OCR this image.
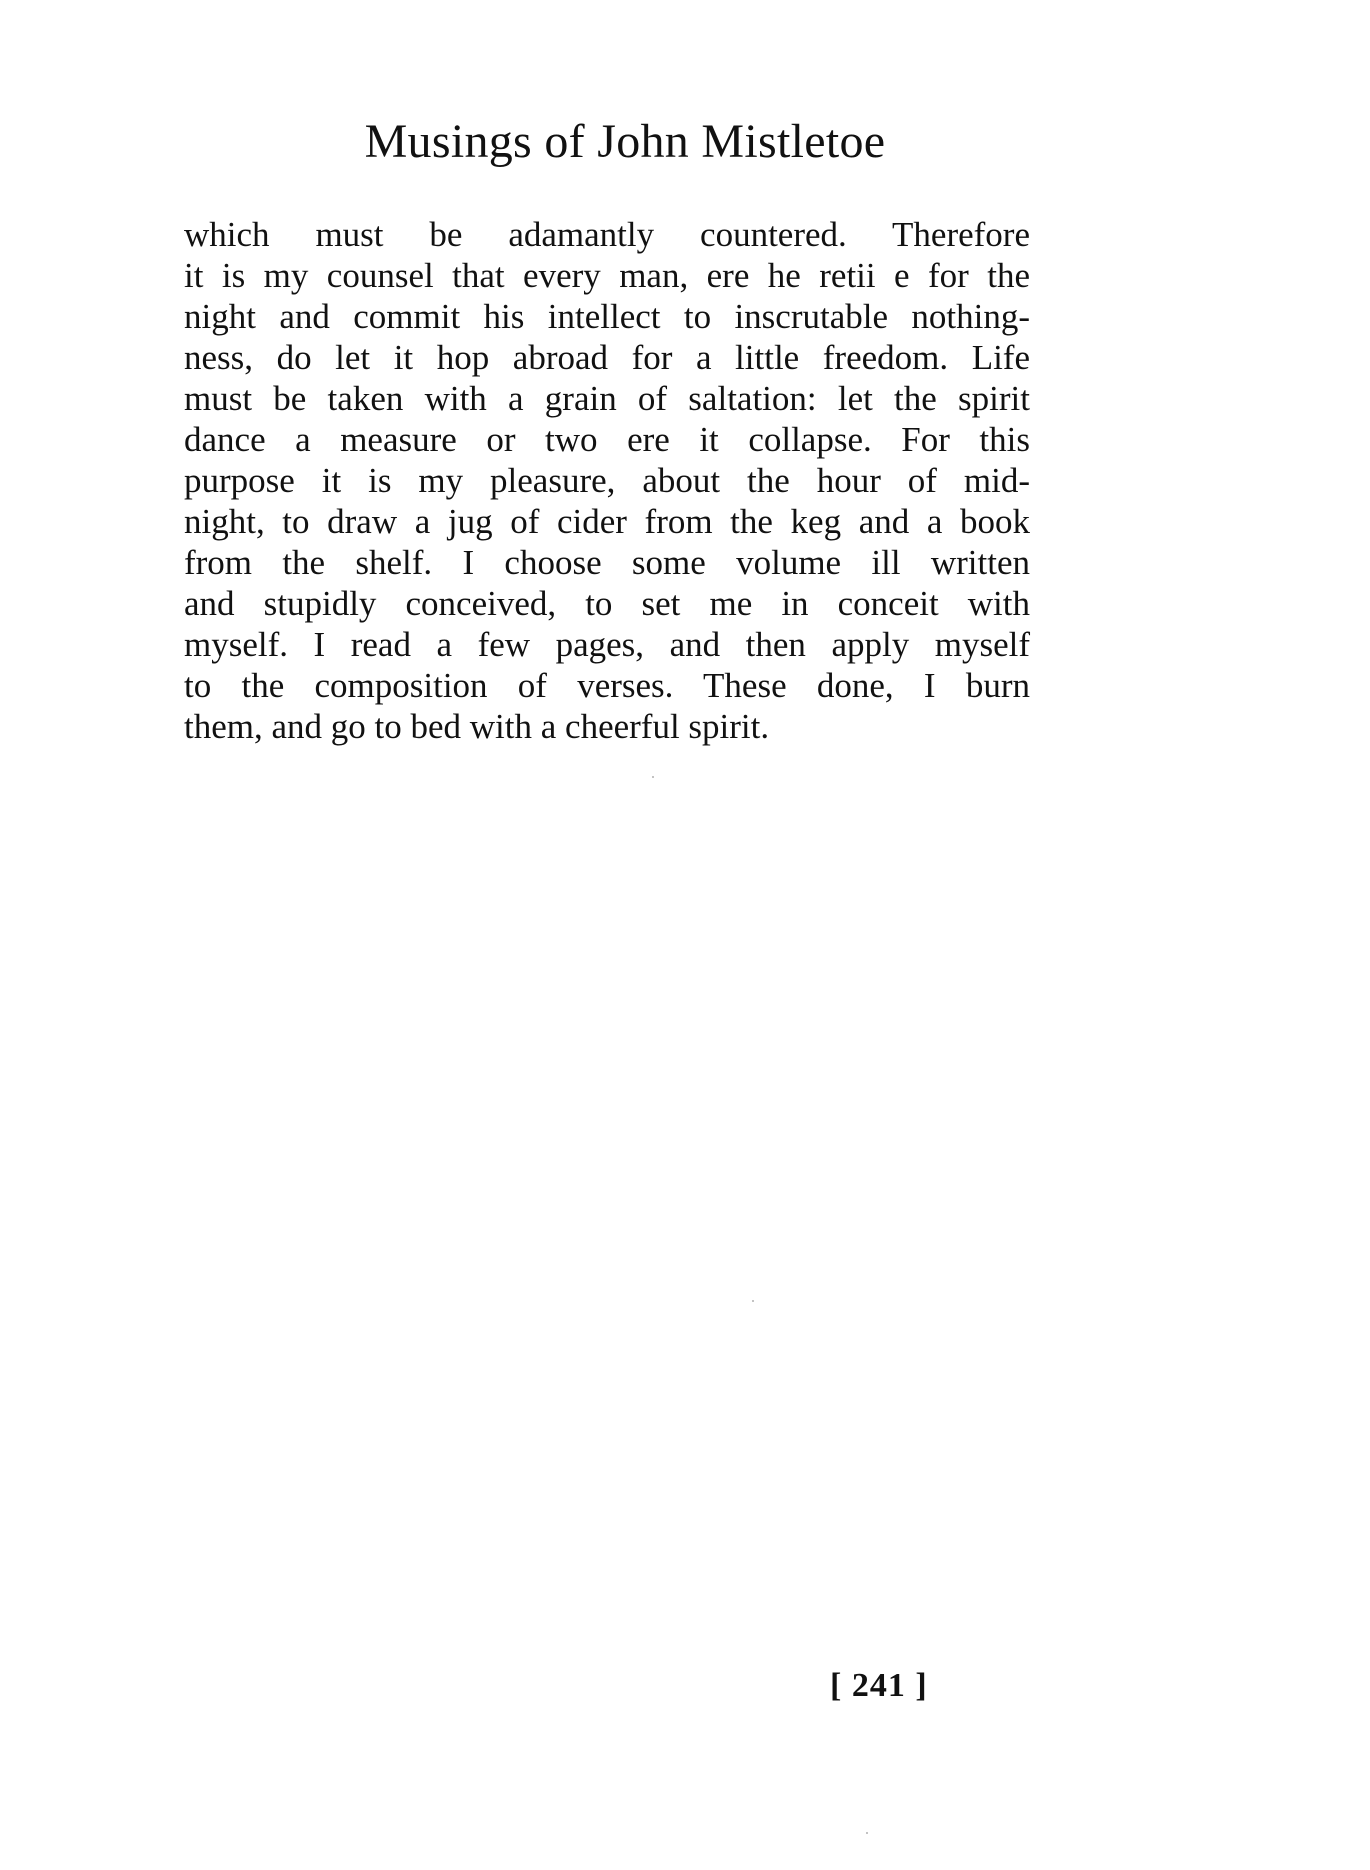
Musings of John Mistletoe
which must be adamantly countered. Therefore
it is my counsel that every man, ere he retii e for the
night and commit his intellect to inscrutable nothing-
ness, do let it hop abroad for a little freedom. Life
must be taken with a grain of saltation: let the spirit
dance a measure or two ere it collapse. For this
purpose it is my pleasure, about the hour of mid-
night, to draw a jug of cider from the keg and a book
from the shelf. I choose some volume ill written
and stupidly conceived, to set me in conceit with
myself. I read a few pages, and then apply myself
to the composition of verses. These done, I burn
them, and go to bed with a cheerful spirit.
[ 241 ]
